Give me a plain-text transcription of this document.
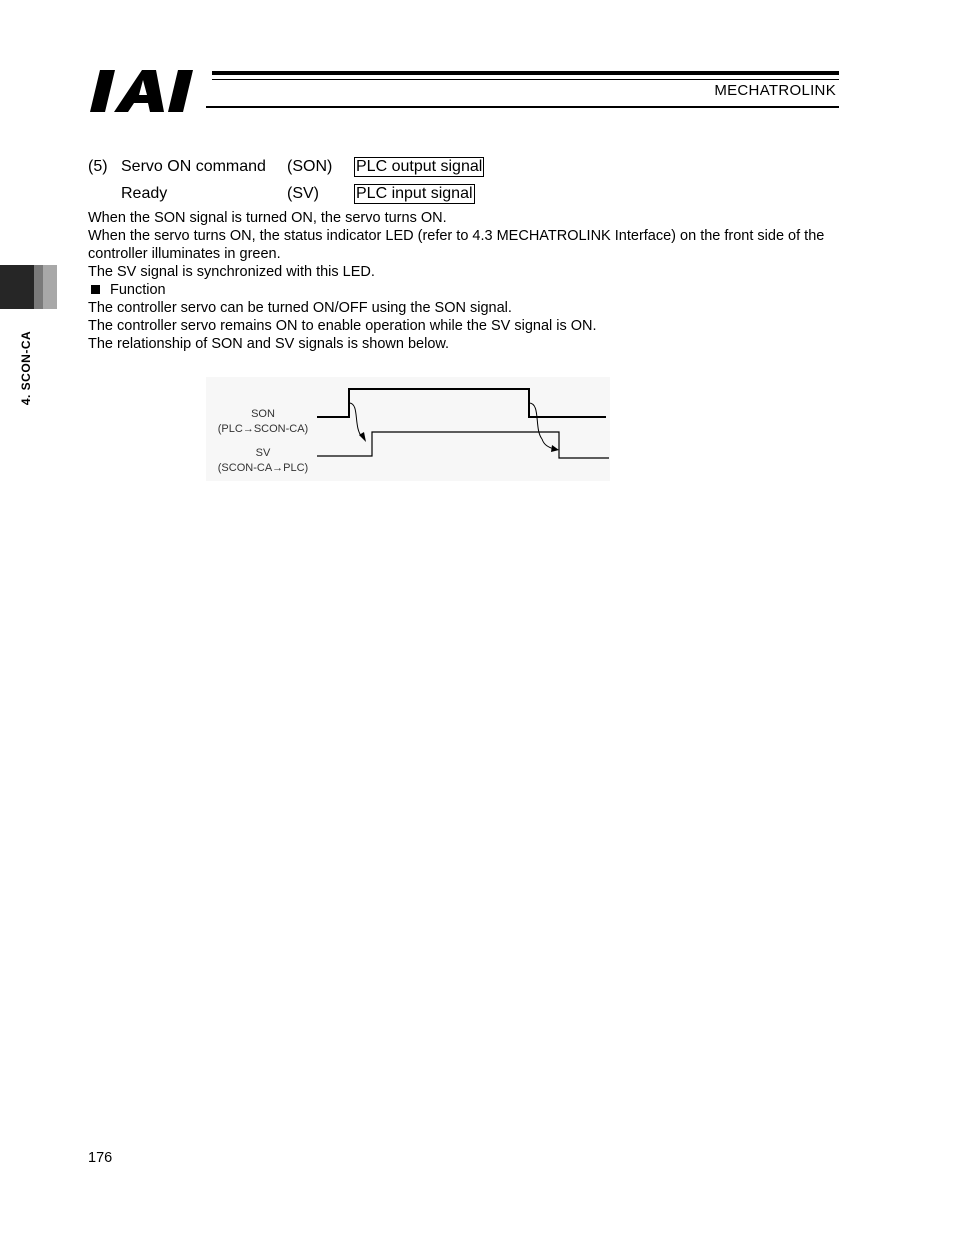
MECHATROLINK
4. SCON-CA
(5) Servo ON command (SON) PLC output signal
Ready	(SV) PLC input signal

When the SON signal is turned ON, the servo turns ON.

When the servo turns ON, the status indicator LED (refer to 4.3 MECHATROLINK Interface) on the front side of the controller illuminates in green.

The SV signal is synchronized with this LED.

Function

The controller servo can be turned ON/OFF using the SON signal.

The controller servo remains ON to enable operation while the SV signal is ON.

The relationship of SON and SV signals is shown below.

SON
(PLC→SCON-CA)
SV
(SCON-CA→PLC)
176
